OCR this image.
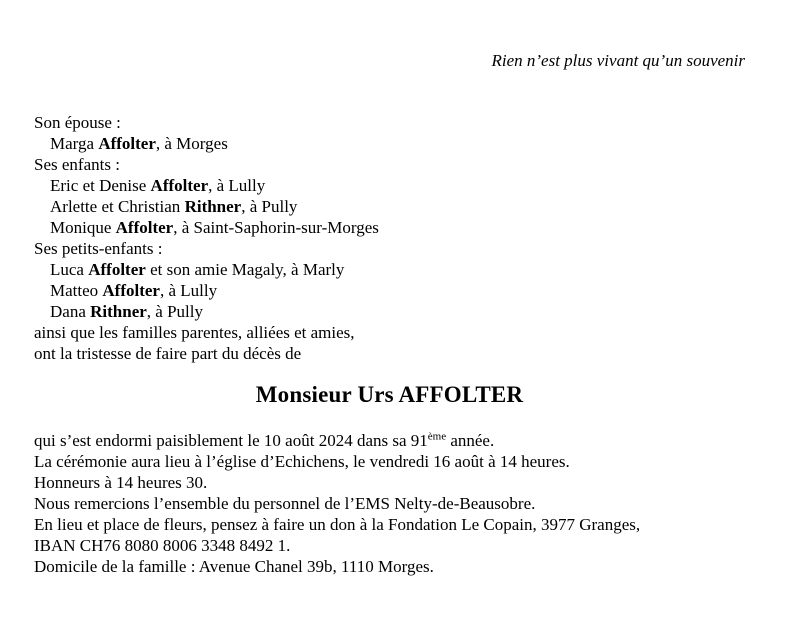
Rien n’est plus vivant qu’un souvenir
Son épouse :
Marga Affolter, à Morges
Ses enfants :
Eric et Denise Affolter, à Lully
Arlette et Christian Rithner, à Pully
Monique Affolter, à Saint-Saphorin-sur-Morges
Ses petits-enfants :
Luca Affolter et son amie Magaly, à Marly
Matteo Affolter, à Lully
Dana Rithner, à Pully
ainsi que les familles parentes, alliées et amies,
ont la tristesse de faire part du décès de
Monsieur Urs AFFOLTER
qui s’est endormi paisiblement le 10 août 2024 dans sa 91ème année.
La cérémonie aura lieu à l’église d’Echichens, le vendredi 16 août à 14 heures.
Honneurs à 14 heures 30.
Nous remercions l’ensemble du personnel de l’EMS Nelty-de-Beausobre.
En lieu et place de fleurs, pensez à faire un don à la Fondation Le Copain, 3977 Granges,
IBAN CH76 8080 8006 3348 8492 1.
Domicile de la famille : Avenue Chanel 39b, 1110 Morges.
